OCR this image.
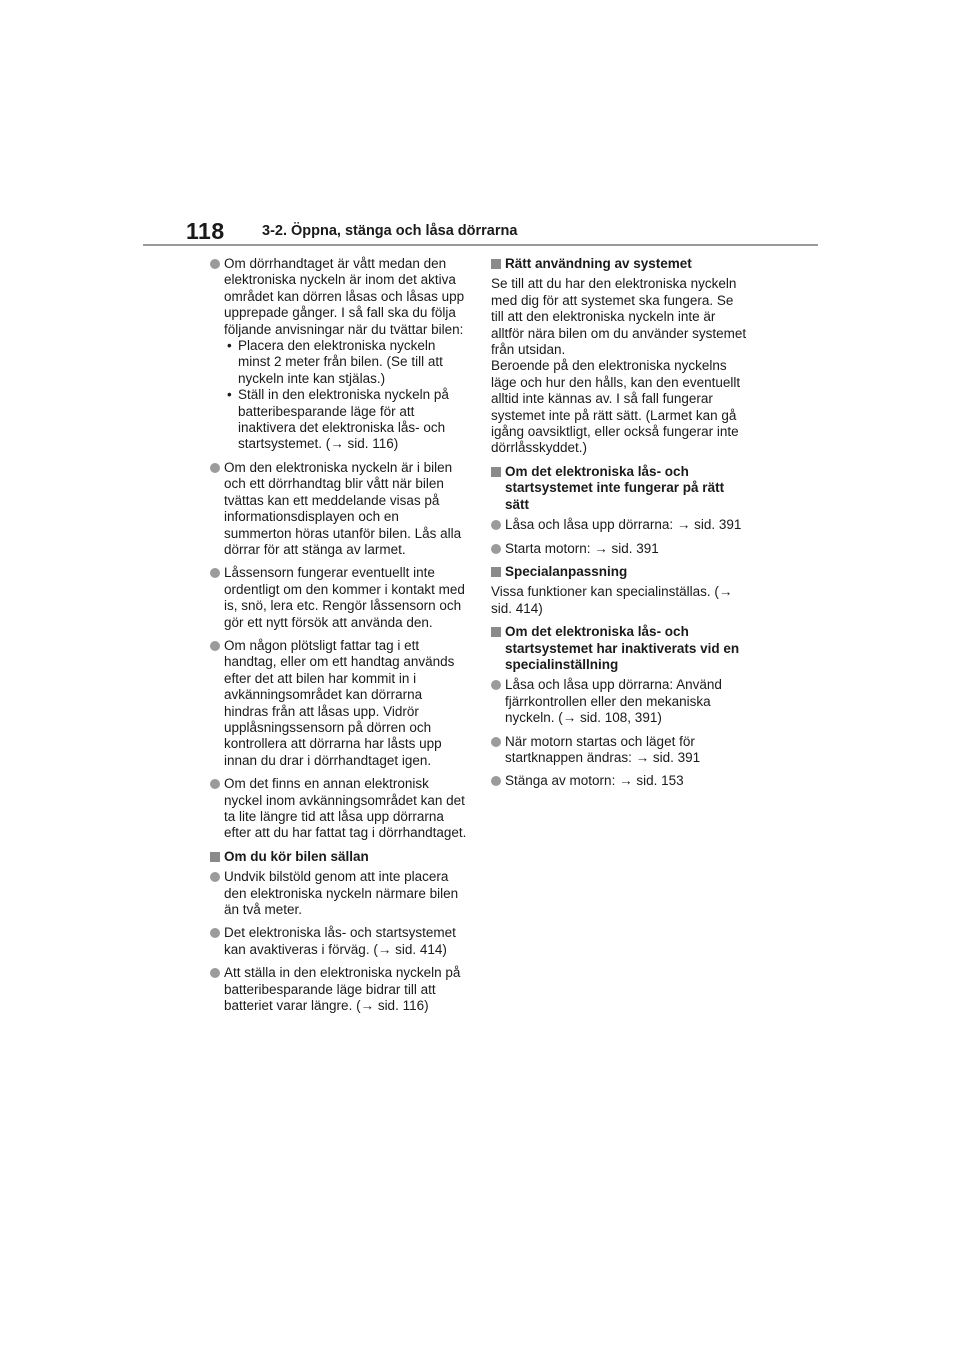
118	3-2. Öppna, stänga och låsa dörrarna
Om dörrhandtaget är vått medan den elektroniska nyckeln är inom det aktiva området kan dörren låsas och låsas upp upprepade gånger. I så fall ska du följa följande anvisningar när du tvättar bilen:
• Placera den elektroniska nyckeln minst 2 meter från bilen. (Se till att nyckeln inte kan stjälas.)
• Ställ in den elektroniska nyckeln på batteribesparande läge för att inaktivera det elektroniska lås- och startsystemet. (→ sid. 116)
Om den elektroniska nyckeln är i bilen och ett dörrhandtag blir vått när bilen tvättas kan ett meddelande visas på informationsdisplayen och en summerton höras utanför bilen. Lås alla dörrar för att stänga av larmet.
Låssensorn fungerar eventuellt inte ordentligt om den kommer i kontakt med is, snö, lera etc. Rengör låssensorn och gör ett nytt försök att använda den.
Om någon plötsligt fattar tag i ett handtag, eller om ett handtag används efter det att bilen har kommit in i avkänningsområdet kan dörrarna hindras från att låsas upp. Vidrör upplåsningssensorn på dörren och kontrollera att dörrarna har låsts upp innan du drar i dörrhandtaget igen.
Om det finns en annan elektronisk nyckel inom avkänningsområdet kan det ta lite längre tid att låsa upp dörrarna efter att du har fattat tag i dörrhandtaget.
Om du kör bilen sällan
Undvik bilstöld genom att inte placera den elektroniska nyckeln närmare bilen än två meter.
Det elektroniska lås- och startsystemet kan avaktiveras i förväg. (→ sid. 414)
Att ställa in den elektroniska nyckeln på batteribesparande läge bidrar till att batteriet varar längre. (→ sid. 116)
Rätt användning av systemet
Se till att du har den elektroniska nyckeln med dig för att systemet ska fungera. Se till att den elektroniska nyckeln inte är alltför nära bilen om du använder systemet från utsidan.
Beroende på den elektroniska nyckelns läge och hur den hålls, kan den eventuellt alltid inte kännas av. I så fall fungerar systemet inte på rätt sätt. (Larmet kan gå igång oavsiktligt, eller också fungerar inte dörrlåsskyddet.)
Om det elektroniska lås- och startsystemet inte fungerar på rätt sätt
Låsa och låsa upp dörrarna: → sid. 391
Starta motorn: → sid. 391
Specialanpassning
Vissa funktioner kan specialinställas. (→ sid. 414)
Om det elektroniska lås- och startsystemet har inaktiverats vid en specialinställning
Låsa och låsa upp dörrarna: Använd fjärrkontrollen eller den mekaniska nyckeln. (→ sid. 108, 391)
När motorn startas och läget för startknappen ändras: → sid. 391
Stänga av motorn: → sid. 153
